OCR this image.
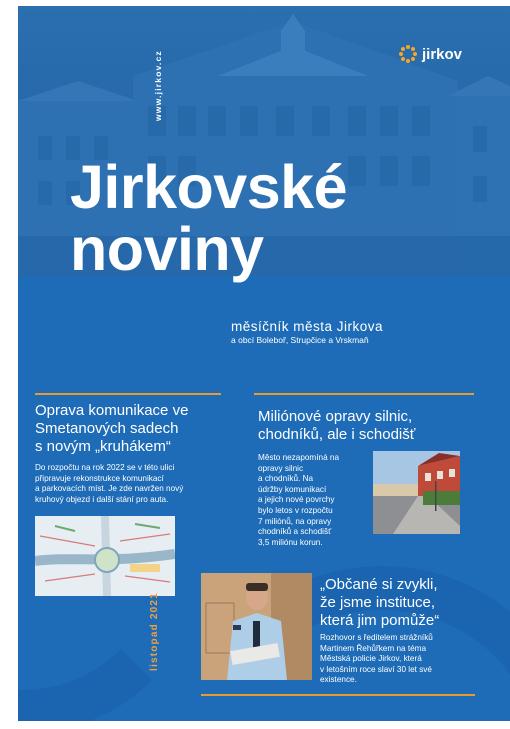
www.jirkov.cz	jirkov
Jirkovské
noviny
měsíčník města Jirkova
a obcí Boleboř, Strupčice a Vrskmaň
Oprava komunikace ve
Smetanových sadech
s novým „kruhákem“
Do rozpočtu na rok 2022 se v této ulici
připravuje rekonstrukce komunikací
a parkovacích míst. Je zde navržen nový
kruhový objezd i další stání pro auta.
Miliónové opravy silnic,
chodníků, ale i schodišť
Město nezapomíná na
opravy silnic
a chodníků. Na
údržby komunikací
a jejich nové povrchy
bylo letos v rozpočtu
7 miliónů, na opravy
chodníků a schodišť
3,5 miliónu korun.
„Občané si zvykli,
že jsme instituce,
která jim pomůže“
Rozhovor s ředitelem strážníků
Martinem Řehůřkem na téma
Městská policie Jirkov, která
v letošním roce slaví 30 let své
existence.
listopad 2021
